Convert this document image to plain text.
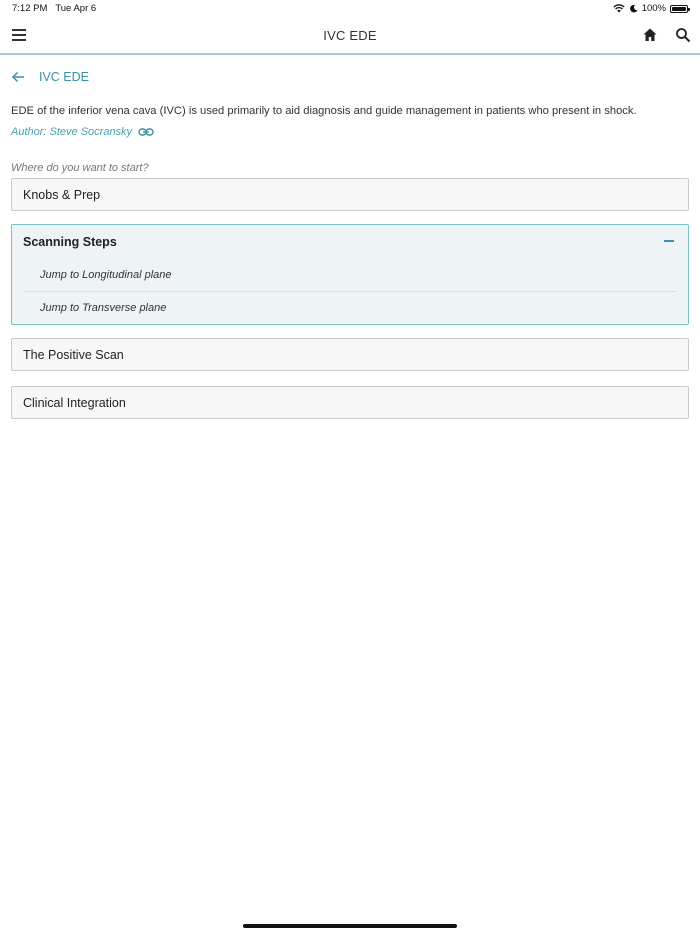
7:12 PM Tue Apr 6	100%
IVC EDE
IVC EDE
EDE of the inferior vena cava (IVC) is used primarily to aid diagnosis and guide management in patients who present in shock.
Author: Steve Socransky
Where do you want to start?
Knobs & Prep
Scanning Steps
Jump to Longitudinal plane
Jump to Transverse plane
The Positive Scan
Clinical Integration
